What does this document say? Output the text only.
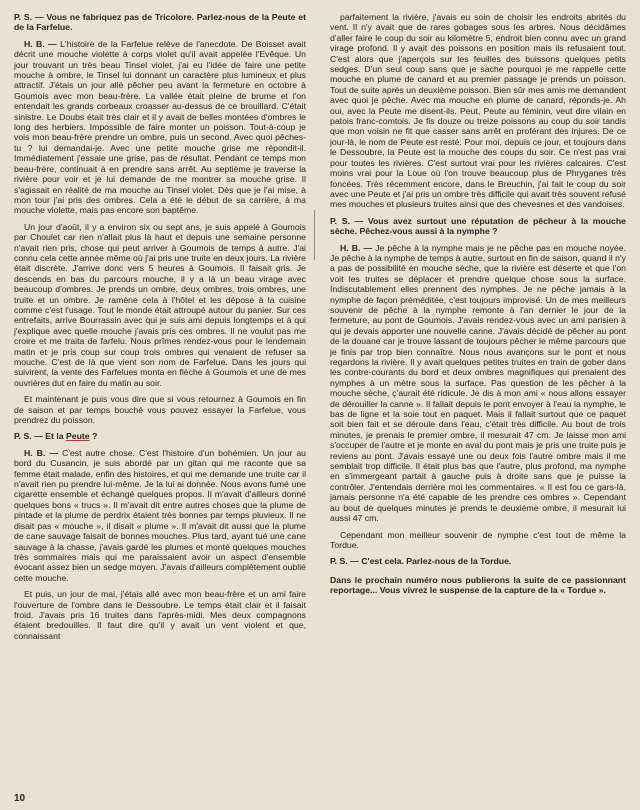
P. S. — Vous ne fabriquez pas de Tricolore. Parlez-nous de la Peute et de la Farfelue.

H. B. — L'histoire de la Farfelue relève de l'anecdote. De Boisset avait décrit une mouche violette à corps violet qu'il avait appelée l'Evêque. Un jour trouvant un très beau Tinsel violet, j'ai eu l'idée de faire une petite mouche à ombre, le Tinsel lui donnant un caractère plus lumineux et plus attractif. J'étais un jour allé pêcher peu avant la fermeture en octobre à Goumois avec mon beau-frère. La vallée était pleine de brume et l'on entendait les grands corbeaux croasser au-dessus de ce brouillard. C'était sinistre. Le Doubs était très clair et il y avait de belles montées d'ombres le long des herbiers. Impossible de faire monter un poisson. Tout-à-coup je vois mon beau-frère prendre un ombre, puis un second. Avec quoi pêches-tu ? lui demandai-je. Avec une petite mouche grise me répondit-il. Immédiatement j'essaie une grise, pas de résultat. Pendant ce temps mon beau-frère, continuait à en prendre sans arrêt. Au septième je traverse la rivière pour voir et je lui demande de me montrer sa mouche grise. Il s'agissait en réalité de ma mouche au Tinsel violet. Dès que je l'ai mise, à mon tour j'ai pris des ombres. Cela a été le début de sa carrière, à ma mouche violette, mais pas encore son baptême.

Un jour d'août, il y a environ six ou sept ans, je suis appelé à Goumois par Choulet car rien n'allait plus là haut et depuis une semaine personne n'avait rien pris, chose qui peut arriver à Goumois de temps à autre. J'ai connu cela cette année même où j'ai pris une truite en deux jours. La rivière était discrète. J'arrive donc vers 5 heures à Goumois. Il faisait gris. Je descends en bas du parcours mouche, il y a là un beau virage avec beaucoup d'ombres. Je prends un ombre, deux ombres, trois ombres, une truite et un ombre. Je ramène cela à l'hôtel et les dépose à la cuisine comme c'est l'usage. Tout le monde était attroupé autour du panier. Sur ces entrefaits, arrive Bourrassin avec qui je suis ami depuis longtemps et à qui j'explique avec quelle mouche j'avais pris ces ombres. Il ne voulut pas me croire et me traita de farfelu. Nous prîmes rendez-vous pour le lendemain matin et je pris coup sur coup trois ombres qui venaient de refuser sa mouche. C'est de là que vient son nom de Farfelue. Dans les jours qui suivirent, la vente des Farfelues monta en flèche à Goumois et une de mes ouvrières dut en faire du matin au soir.

Et maintenant je puis vous dire que si vous retournez à Goumois en fin de saison et par temps bouché vous pouvez essayer la Farfelue, vous prendrez du poisson.

P. S. — Et la Peute ?

H. B. — C'est autre chose. C'est l'histoire d'un bohémien. Un jour au bord du Cusancin, je suis abordé par un gitan qui me raconte que sa femme était malade, enfin des histoires, et qui me demande une truite car il n'avait rien pu prendre lui-même. Je la lui ai donnée. Nous avons fumé une cigarette ensemble et échangé quelques propos. Il m'avait d'ailleurs donné quelques bons « trucs ». Il m'avait dit entre autres choses que la plume de pintade et la plume de perdrix étaient très bonnes par temps pluvieux. Il ne disait pas « mouche », il disait « plume ». Il m'avait dit aussi que la plume de cane sauvage faisait de bonnes mouches. Plus tard, ayant tué une cane sauvage à la chasse, j'avais gardé les plumes et monté quelques mouches très sommaires mais qui me paraissaient avoir un aspect d'ensemble évocant assez bien un sedge moyen. J'avais d'ailleurs complètement oublié cette mouche.

Et puis, un jour de mai, j'étais allé avec mon beau-frère et un ami faire l'ouverture de l'ombre dans le Dessoubre. Le temps était clair et il faisait froid. J'avais pris 16 truites dans l'après-midi. Mes deux compagnons étaient bredouilles. Il faut dire qu'il y avait un vent violent et que, connaissant

parfaitement la rivière, j'avais eu soin de choisir les endroits abrités du vent. Il n'y avait que de rares gobages sous les arbres. Nous décidâmes d'aller faire le coup du soir au kilomètre 5, endroit bien connu avec un grand virage profond. Il y avait des poissons en position mais ils refusaient tout. C'est alors que j'aperçois sur les feuilles des buissons quelques petits sedges. D'un seul coup sans que je sache pourquoi je me rappelle cette mouche en plume de canard et au premier passage je prends un poisson. Tout de suite après un deuxième poisson. Bien sûr mes amis me demandent avec quoi je pêche. Avec ma mouche en plume de canard, réponds-je. Ah oui, avec la Peute me disent-ils. Peut, Peute au féminin, veut dire vilain en patois franc-comtois. Je fis douze ou treize poissons au coup du soir tandis que mon voisin ne fit que casser sans arrêt en proférant des injures. De ce jour-là, le nom de Peute est resté. Pour moi, depuis ce jour, et toujours dans le Dessoubre, la Peute est la mouche des coups du soir. Ce n'est pas vrai pour toutes les rivières. C'est surtout vrai pour les rivières calcaires. C'est moins vrai pour la Loue où l'on trouve beaucoup plus de Phryganes très foncées. Très récemment encore, dans le Breuchin, j'ai fait le coup du soir avec une Peute et j'ai pris un ombre très difficile qui avait très souvent refusé mes mouches et plusieurs truites ainsi que des chevesnes et des vandoises.

P. S. — Vous avez surtout une réputation de pêcheur à la mouche sèche. Pêchez-vous aussi à la nymphe ?

H. B. — Je pêche à la nymphe mais je ne pêche pas en mouche noyée. Je pêche à la nymphe de temps à autre, surtout en fin de saison, quand il n'y a pas de possibilité en mouche sèche, que la rivière est déserte et que l'on voit les truites se déplacer et prendre quelque chose sous la surface. Indiscutablement elles prennent des nymphes. Je ne pêche jamais à la nymphe de façon préméditée, c'est toujours improvisé. Un de mes meilleurs souvenir de pêche à la nymphe remonte à l'an dernier le jour de la fermeture, au pont de Goumois. J'avais rendez-vous avec un ami parisien à qui je devais apporter une nouvelle canne. J'avais décidé de pêcher au pont de la douane car je trouve lassant de toujours pêcher le même parcours que je finis par trop bien connaître. Nous nous avançons sur le pont et nous regardons la rivière. Il y avait quelques petites truites en train de gober dans les contre-courants du bord et deux ombres magnifiques qui prenaient des nymphes à un mètre sous la surface. Pas question de les pêcher à la mouche sèche, ç'aurait été ridicule. Je dis à mon ami « nous allons essayer de dérouiller la canne ». Il fallait depuis le pont envoyer à l'eau la nymphe, le bas de ligne et la soie tout en paquet. Mais il fallait surtout que ce paquet soit bien fait et se déroule dans l'eau, c'était très difficile. Au bout de trois minutes, je prenais le premier ombre, il mesurait 47 cm. Je laisse mon ami s'occuper de l'autre et je monte en aval du pont mais je pris une truite puis je reviens au pont. J'avais essayé une ou deux fois l'autre ombre mais il me semblait trop difficile. Il était plus bas que l'autre, plus profond, ma nymphe en s'immergeant partait à gauche puis à droite sans que je puisse la contrôler. J'entendais derrière moi les commentaires. « Il est fou ce gars-là, jamais personne n'a été capable de les prendre ces ombres ». Cependant au bout de quelques minutes je prends le deuxième ombre, il mesurait lui aussi 47 cm.

Cependant mon meilleur souvenir de nymphe c'est tout de même la Tordue.

P. S. — C'est cela. Parlez-nous de la Tordue.

Dans le prochain numéro nous publierons la suite de ce passionnant reportage... Vous vivrez le suspense de la capture de la « Tordue ».

10
